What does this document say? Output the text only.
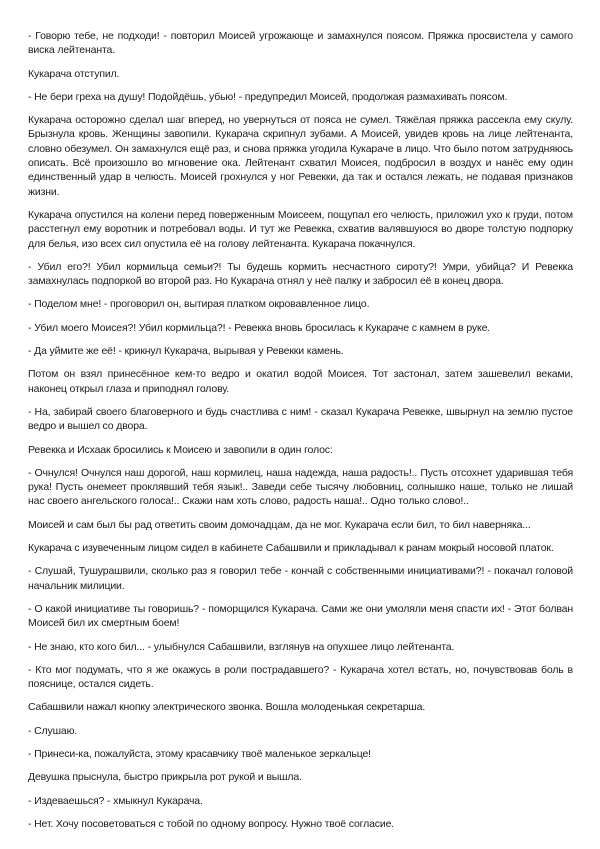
- Говорю тебе, не подходи! - повторил Моисей угрожающе и замахнулся поясом. Пряжка просвистела у самого виска лейтенанта.

Кукарача отступил.

- Не бери греха на душу! Подойдёшь, убью! - предупредил Моисей, продолжая размахивать поясом.

Кукарача осторожно сделал шаг вперед, но увернуться от пояса не сумел. Тяжёлая пряжка рассекла ему скулу. Брызнула кровь. Женщины завопили. Кукарача скрипнул зубами. А Моисей, увидев кровь на лице лейтенанта, словно обезумел. Он замахнулся ещё раз, и снова пряжка угодила Кукараче в лицо. Что было потом затрудняюсь описать. Всё произошло во мгновение ока. Лейтенант схватил Моисея, подбросил в воздух и нанёс ему один единственный удар в челюсть. Моисей грохнулся у ног Ревекки, да так и остался лежать, не подавая признаков жизни.

Кукарача опустился на колени перед поверженным Моисеем, пощупал его челюсть, приложил ухо к груди, потом расстегнул ему воротник и потребовал воды. И тут же Ревекка, схватив валявшуюся во дворе толстую подпорку для белья, изо всех сил опустила её на голову лейтенанта. Кукарача покачнулся.

- Убил его?! Убил кормильца семьи?! Ты будешь кормить несчастного сироту?! Умри, убийца? И Ревекка замахнулась подпоркой во второй раз. Но Кукарача отнял у неё палку и забросил её в конец двора.

- Поделом мне! - проговорил он, вытирая платком окровавленное лицо.

- Убил моего Моисея?! Убил кормильца?! - Ревекка вновь бросилась к Кукараче с камнем в руке.

- Да уймите же её! - крикнул Кукарача, вырывая у Ревекки камень.

Потом он взял принесённое кем-то ведро и окатил водой Моисея. Тот застонал, затем зашевелил веками, наконец открыл глаза и приподнял голову.

- На, забирай своего благоверного и будь счастлива с ним! - сказал Кукарача Ревекке, швырнул на землю пустое ведро и вышел со двора.

Ревекка и Исхаак бросились к Моисею и завопили в один голос:

- Очнулся! Очнулся наш дорогой, наш кормилец, наша надежда, наша радость!.. Пусть отсохнет ударившая тебя рука! Пусть онемеет проклявший тебя язык!.. Заведи себе тысячу любовниц, солнышко наше, только не лишай нас своего ангельского голоса!.. Скажи нам хоть слово, радость наша!.. Одно только слово!..

Моисей и сам был бы рад ответить своим домочадцам, да не мог. Кукарача если бил, то бил наверняка...

Кукарача с изувеченным лицом сидел в кабинете Сабашвили и прикладывал к ранам мокрый носовой платок.

- Слушай, Тушурашвили, сколько раз я говорил тебе - кончай с собственными инициативами?! - покачал головой начальник милиции.

- О какой инициативе ты говоришь? - поморщился Кукарача. Сами же они умоляли меня спасти их! - Этот болван Моисей бил их смертным боем!

- Не знаю, кто кого бил... - улыбнулся Сабашвили, взглянув на опухшее лицо лейтенанта.

- Кто мог подумать, что я же окажусь в роли пострадавшего? - Кукарача хотел встать, но, почувствовав боль в пояснице, остался сидеть.

Сабашвили нажал кнопку электрического звонка. Вошла молоденькая секретарша.

- Слушаю.

- Принеси-ка, пожалуйста, этому красавчику твоё маленькое зеркальце!

Девушка прыснула, быстро прикрыла рот рукой и вышла.

- Издеваешься? - хмыкнул Кукарача.

- Нет. Хочу посоветоваться с тобой по одному вопросу. Нужно твоё согласие.
